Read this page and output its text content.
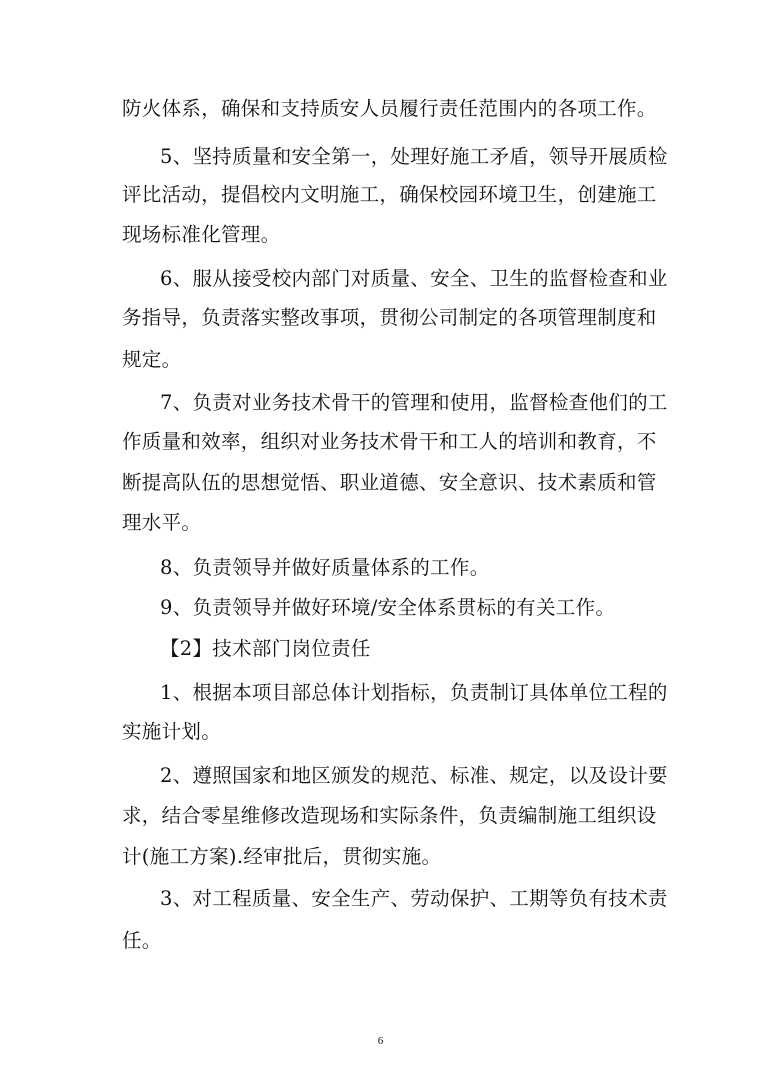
防火体系，确保和支持质安人员履行责任范围内的各项工作。
5、坚持质量和安全第一，处理好施工矛盾，领导开展质检
评比活动，提倡校内文明施工，确保校园环境卫生，创建施工
现场标准化管理。
6、服从接受校内部门对质量、安全、卫生的监督检查和业
务指导，负责落实整改事项，贯彻公司制定的各项管理制度和
规定。
7、负责对业务技术骨干的管理和使用，监督检查他们的工
作质量和效率，组织对业务技术骨干和工人的培训和教育，不
断提高队伍的思想觉悟、职业道德、安全意识、技术素质和管
理水平。
8、负责领导并做好质量体系的工作。
9、负责领导并做好环境/安全体系贯标的有关工作。
【2】技术部门岗位责任
1、根据本项目部总体计划指标，负责制订具体单位工程的
实施计划。
2、遵照国家和地区颁发的规范、标准、规定，以及设计要
求，结合零星维修改造现场和实际条件，负责编制施工组织设
计(施工方案).经审批后，贯彻实施。
3、对工程质量、安全生产、劳动保护、工期等负有技术责
任。
6
